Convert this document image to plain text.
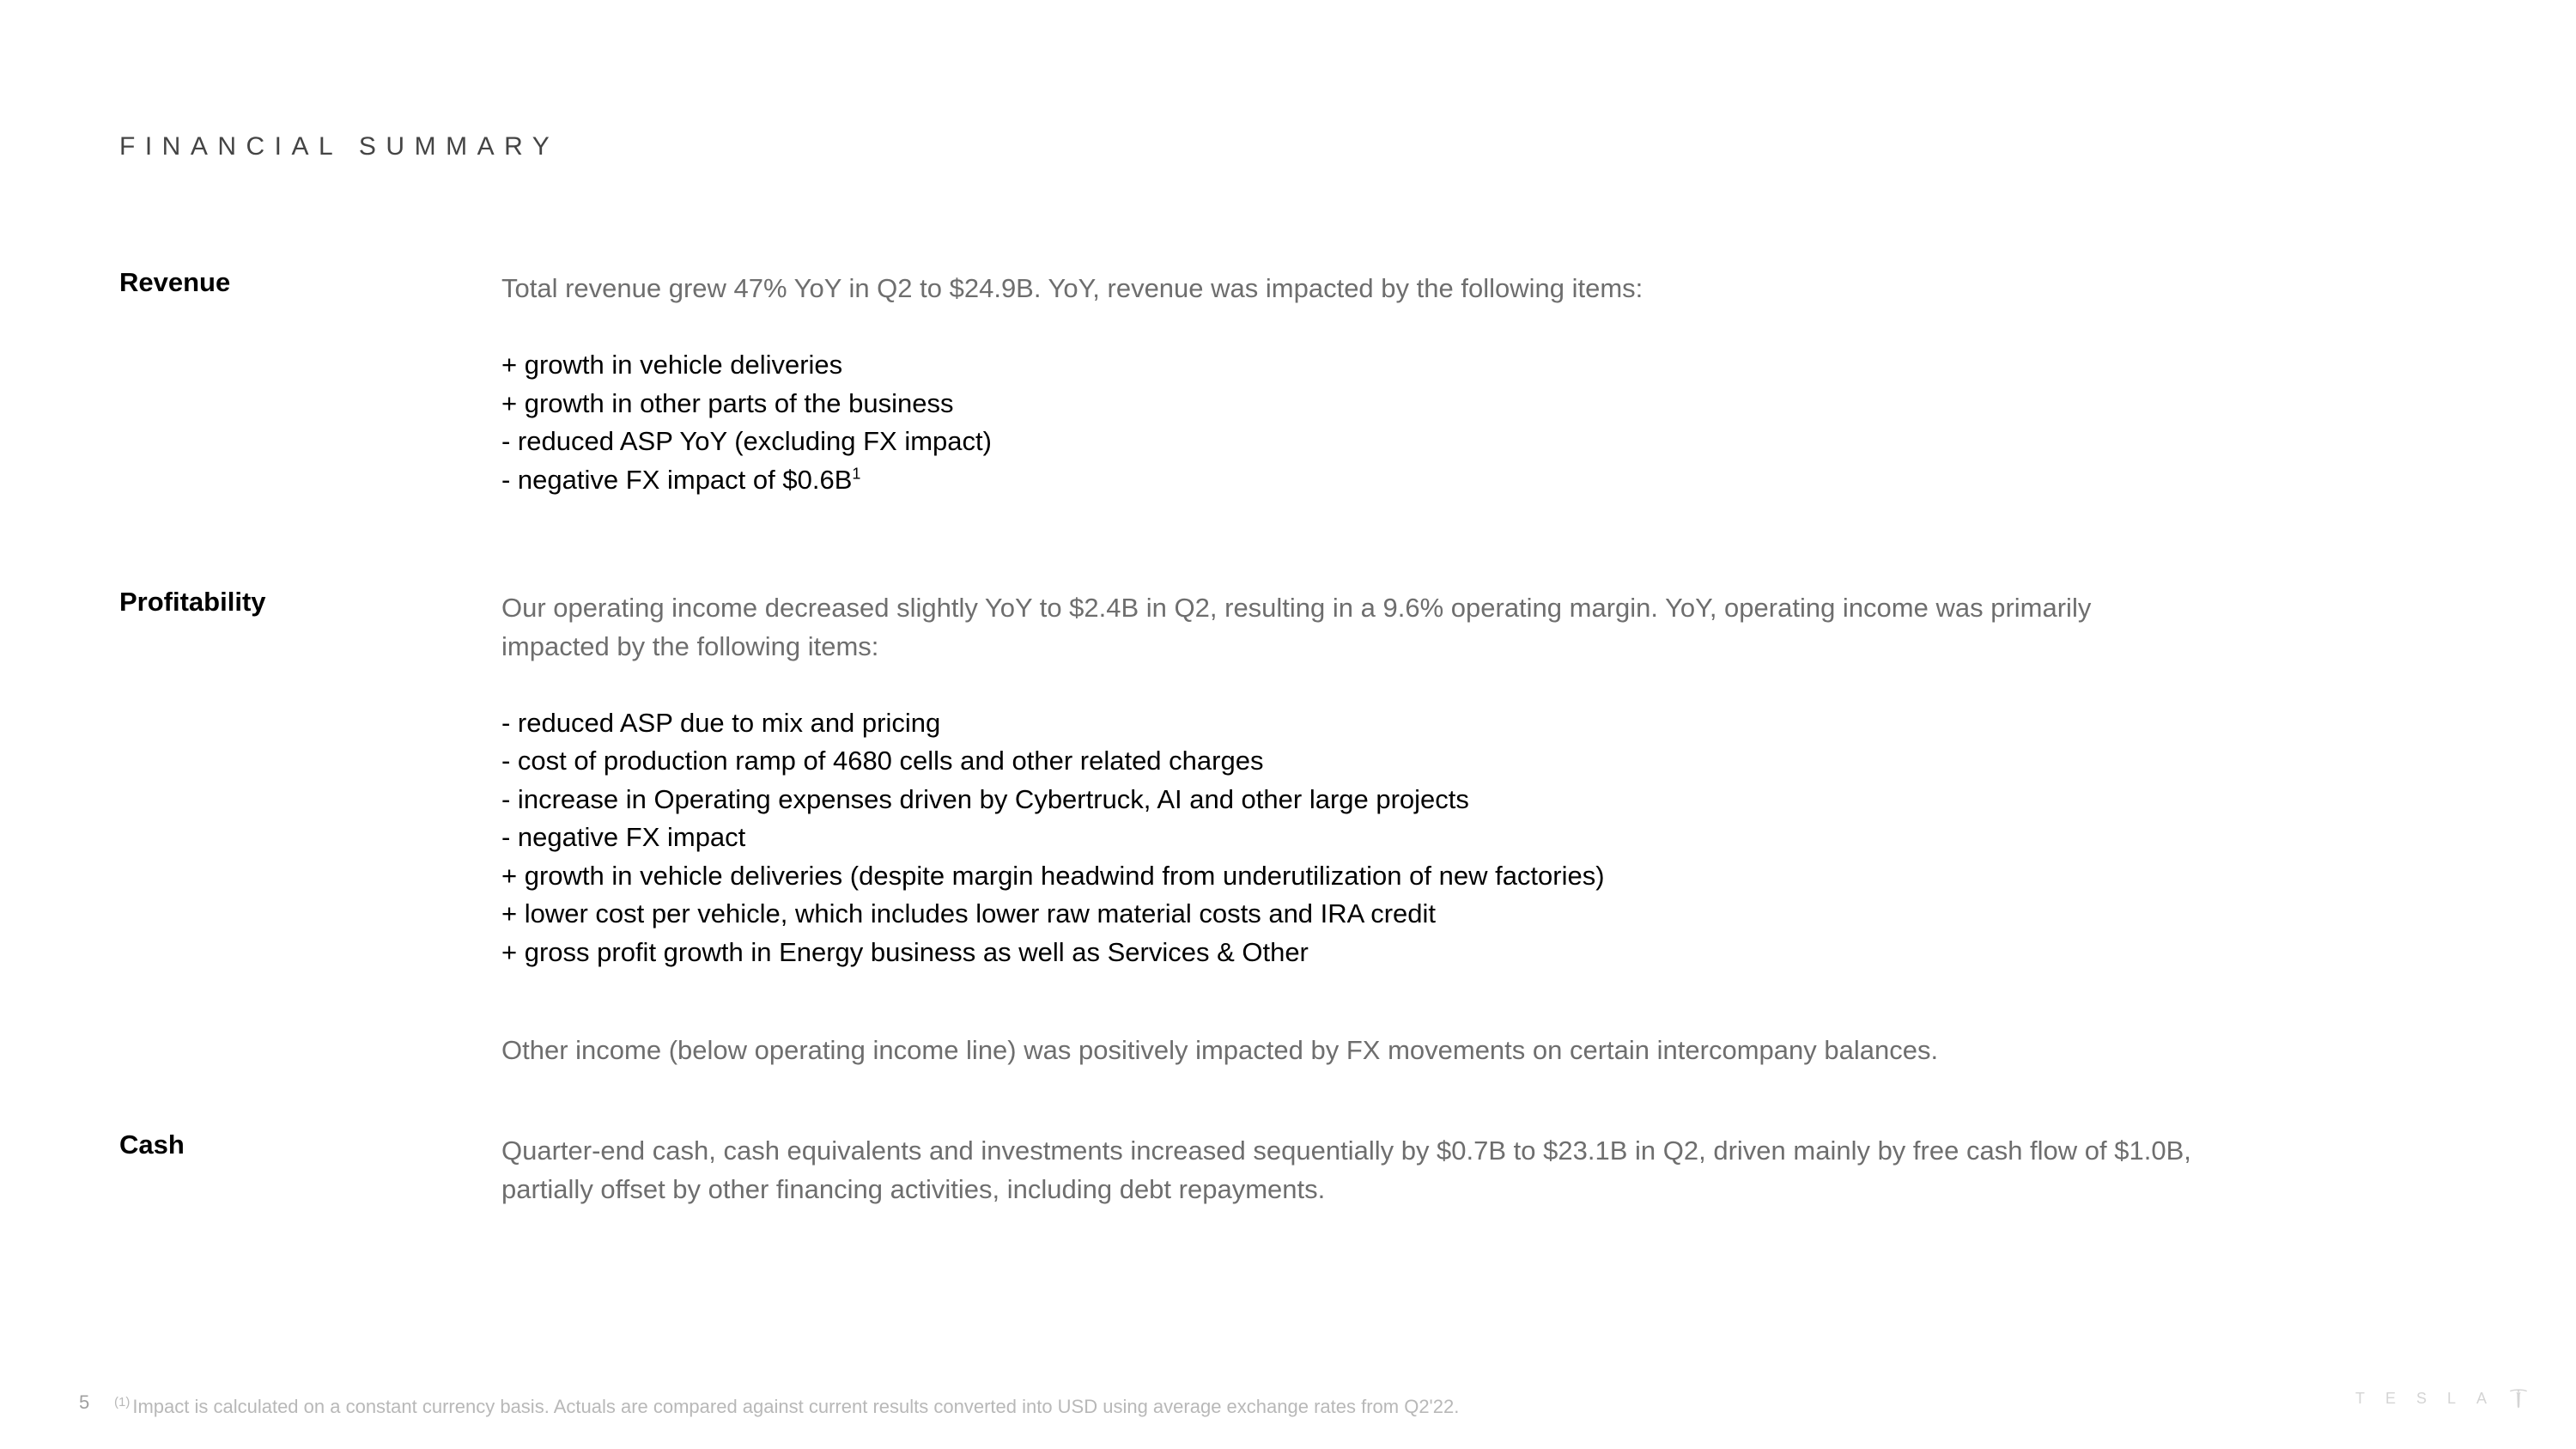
FINANCIAL SUMMARY
Revenue	Total revenue grew 47% YoY in Q2 to $24.9B. YoY, revenue was impacted by the following items:

+ growth in vehicle deliveries
+ growth in other parts of the business
- reduced ASP YoY (excluding FX impact)
- negative FX impact of $\$0.6B^1$
Profitability	Our operating income decreased slightly YoY to $2.4B in Q2, resulting in a 9.6% operating margin. YoY, operating income was primarily
impacted by the following items:

- reduced ASP due to mix and pricing
- cost of production ramp of 4680 cells and other related charges
- increase in Operating expenses driven by Cybertruck, AI and other large projects
- negative FX impact
+ growth in vehicle deliveries (despite margin headwind from underutilization of new factories)
+ lower cost per vehicle, which includes lower raw material costs and IRA credit
+ gross profit growth in Energy business as well as Services & Other

Other income (below operating income line) was positively impacted by FX movements on certain intercompany balances.

Cash	Quarter-end cash, cash equivalents and investments increased sequentially by $0.7B to $23.1B in Q2, driven mainly by free cash flow of $1.0B,
partially offset by other financing activities, including debt repayments.

5 $^{(1)}$ Impact is calculated on a constant currency basis. Actuals are compared against current results converted into USD using average exchange rates from Q2'22.	TESLA
